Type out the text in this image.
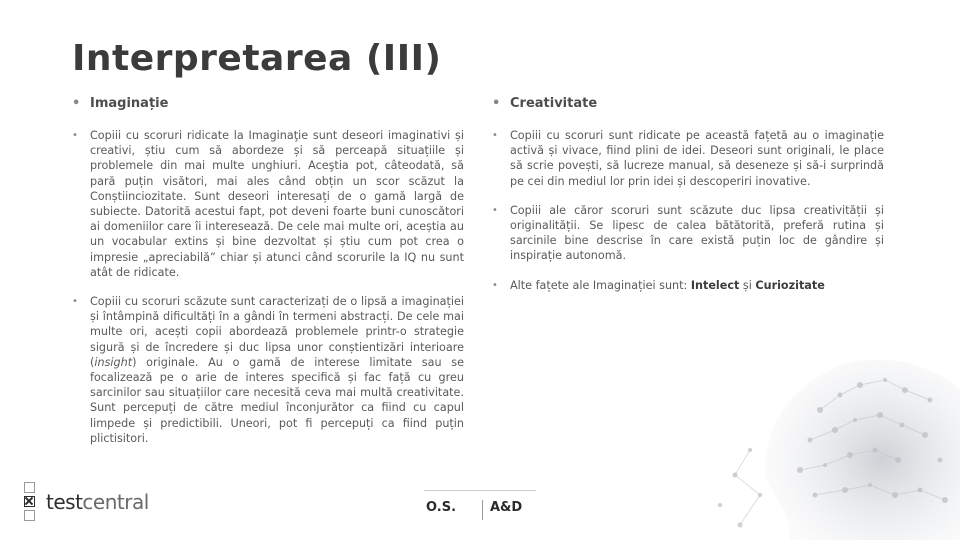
Interpretarea (III)
• Imaginație
• Copiii cu scoruri ridicate la Imaginaţie sunt deseori imaginativi și creativi, știu cum să abordeze și să perceapă situațiile și problemele din mai multe unghiuri. Aceştia pot, câteodată, să pară puțin visători, mai ales când obțin un scor scăzut la Conștiinciozitate. Sunt deseori interesați de o gamă largă de subiecte. Datorită acestui fapt, pot deveni foarte buni cunoscători ai domeniilor care îi interesează. De cele mai multe ori, aceștia au un vocabular extins și bine dezvoltat și știu cum pot crea o impresie „apreciabilă” chiar și atunci când scorurile la IQ nu sunt atât de ridicate.
• Copiii cu scoruri scăzute sunt caracterizați de o lipsă a imaginației și întâmpină dificultăți în a gândi în termeni abstracți. De cele mai multe ori, acești copii abordează problemele printr-o strategie sigură și de încredere și duc lipsa unor conștientizări interioare (insight) originale. Au o gamă de interese limitate sau se focalizează pe o arie de interes specifică și fac față cu greu sarcinilor sau situațiilor care necesită ceva mai multă creativitate. Sunt percepuți de către mediul înconjurător ca fiind cu capul limpede și predictibili. Uneori, pot fi percepuți ca fiind puțin plictisitori.
• Creativitate
• Copiii cu scoruri sunt ridicate pe această fațetă au o imaginație activă și vivace, fiind plini de idei. Deseori sunt originali, le place să scrie povești, să lucreze manual, să deseneze și să-i surprindă pe cei din mediul lor prin idei și descoperiri inovative.
• Copiii ale căror scoruri sunt scăzute duc lipsa creativității și originalității. Se lipesc de calea bătătorită, preferă rutina și sarcinile bine descrise în care există puțin loc de gândire și inspirație autonomă.
• Alte fațete ale Imaginației sunt: Intelect și Curiozitate
testcentral	O.S.	A&D
